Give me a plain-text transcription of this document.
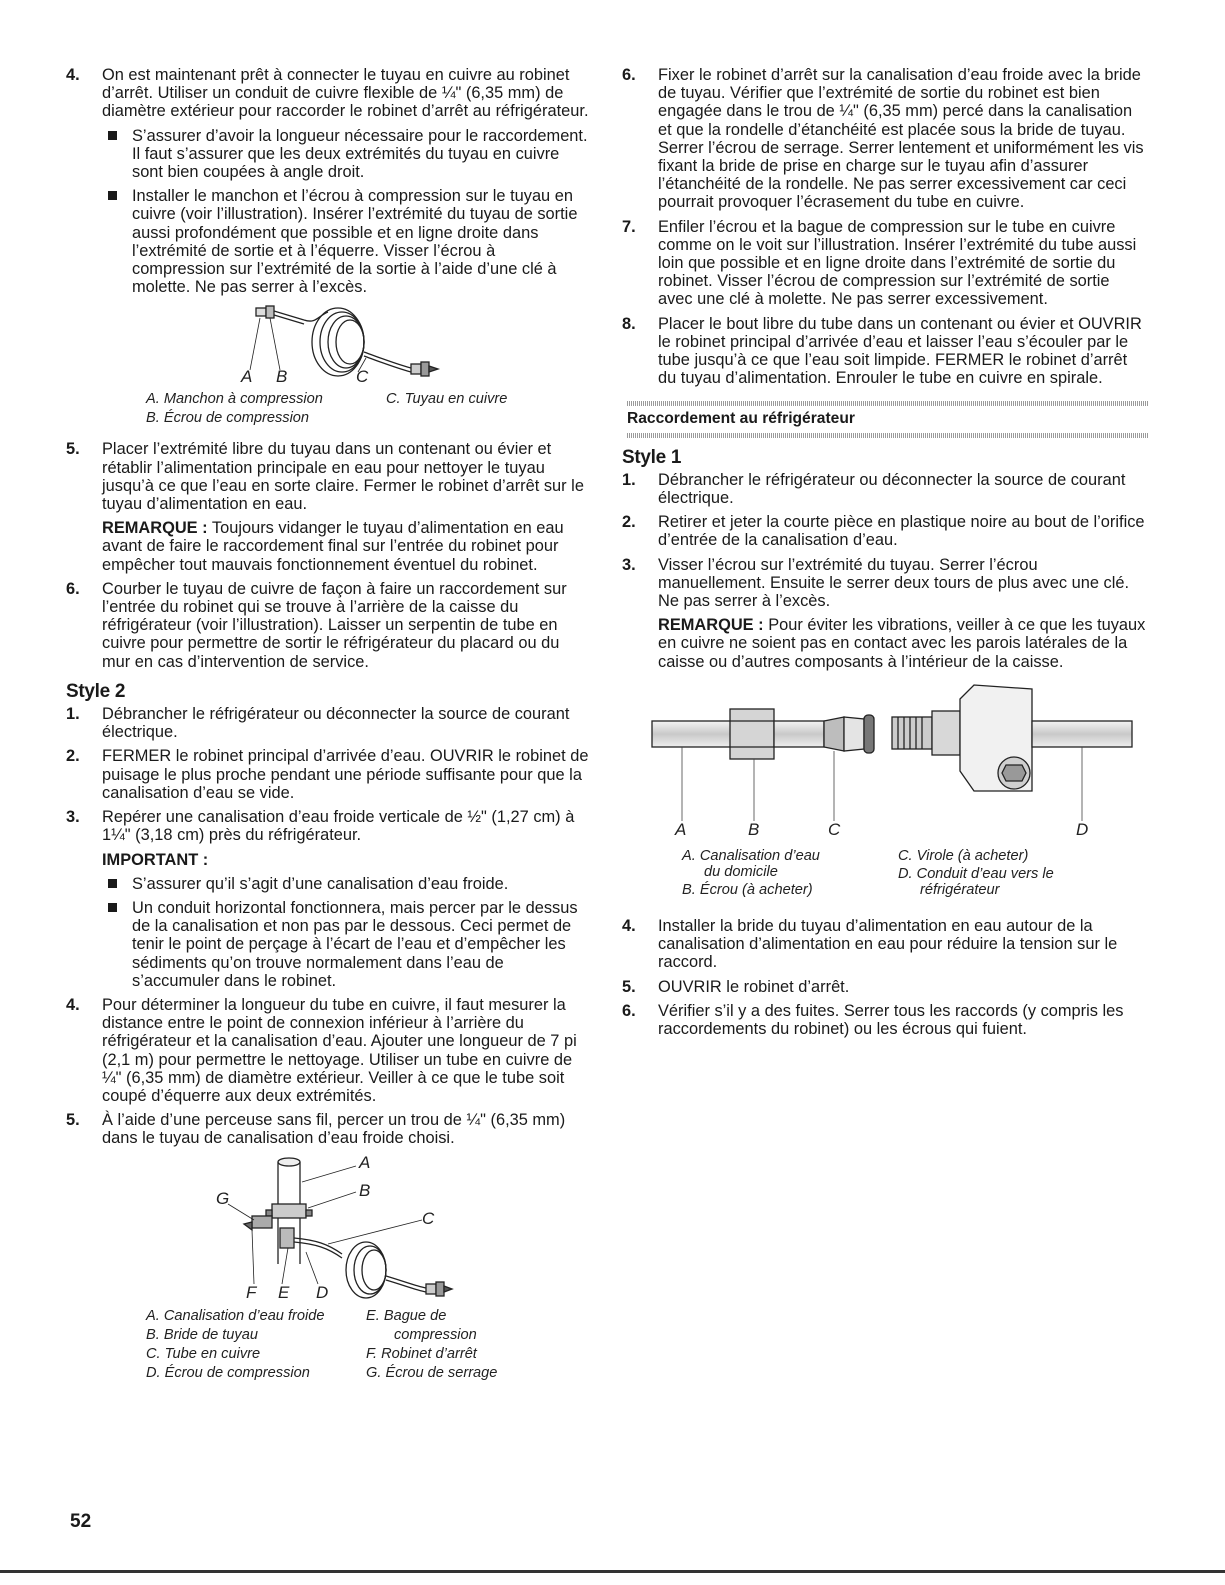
4. On est maintenant prêt à connecter le tuyau en cuivre au robinet d’arrêt. Utiliser un conduit de cuivre flexible de ¼" (6,35 mm) de diamètre extérieur pour raccorder le robinet d’arrêt au réfrigérateur.
S’assurer d’avoir la longueur nécessaire pour le raccordement. Il faut s’assurer que les deux extrémités du tuyau en cuivre sont bien coupées à angle droit.
Installer le manchon et l’écrou à compression sur le tuyau en cuivre (voir l’illustration). Insérer l’extrémité du tuyau de sortie aussi profondément que possible et en ligne droite dans l’extrémité de sortie et à l’équerre. Visser l’écrou à compression sur l’extrémité de la sortie à l’aide d’une clé à molette. Ne pas serrer à l’excès.
A B	C
A. Manchon à compression
B. Écrou de compression
C. Tuyau en cuivre
5. Placer l’extrémité libre du tuyau dans un contenant ou évier et rétablir l’alimentation principale en eau pour nettoyer le tuyau jusqu’à ce que l’eau en sorte claire. Fermer le robinet d’arrêt sur le tuyau d’alimentation en eau.
REMARQUE : Toujours vidanger le tuyau d’alimentation en eau avant de faire le raccordement final sur l’entrée du robinet pour empêcher tout mauvais fonctionnement éventuel du robinet.
6. Courber le tuyau de cuivre de façon à faire un raccordement sur l’entrée du robinet qui se trouve à l’arrière de la caisse du réfrigérateur (voir l’illustration). Laisser un serpentin de tube en cuivre pour permettre de sortir le réfrigérateur du placard ou du mur en cas d’intervention de service.
Style 2
1. Débrancher le réfrigérateur ou déconnecter la source de courant électrique.
2. FERMER le robinet principal d’arrivée d’eau. OUVRIR le robinet de puisage le plus proche pendant une période suffisante pour que la canalisation d’eau se vide.
3. Repérer une canalisation d’eau froide verticale de ½" (1,27 cm) à 1¼" (3,18 cm) près du réfrigérateur.
IMPORTANT :
S’assurer qu’il s’agit d’une canalisation d’eau froide.
Un conduit horizontal fonctionnera, mais percer par le dessus de la canalisation et non pas par le dessous. Ceci permet de tenir le point de perçage à l’écart de l’eau et d’empêcher les sédiments qu’on trouve normalement dans l’eau de s’accumuler dans le robinet.
4. Pour déterminer la longueur du tube en cuivre, il faut mesurer la distance entre le point de connexion inférieur à l’arrière du réfrigérateur et la canalisation d’eau. Ajouter une longueur de 7 pi (2,1 m) pour permettre le nettoyage. Utiliser un tube en cuivre de ¼" (6,35 mm) de diamètre extérieur. Veiller à ce que le tube soit coupé d’équerre aux deux extrémités.
5. À l’aide d’une perceuse sans fil, percer un trou de ¼" (6,35 mm) dans le tuyau de canalisation d’eau froide choisi.
A
B
C
D
E
F
G
A. Canalisation d’eau froide
B. Bride de tuyau
C. Tube en cuivre
D. Écrou de compression
E. Bague de
compression
F. Robinet d’arrêt
G. Écrou de serrage
6. Fixer le robinet d’arrêt sur la canalisation d’eau froide avec la bride de tuyau. Vérifier que l’extrémité de sortie du robinet est bien engagée dans le trou de ¼" (6,35 mm) percé dans la canalisation et que la rondelle d’étanchéité est placée sous la bride de tuyau. Serrer l’écrou de serrage. Serrer lentement et uniformément les vis fixant la bride de prise en charge sur le tuyau afin d’assurer l’étanchéité de la rondelle. Ne pas serrer excessivement car ceci pourrait provoquer l’écrasement du tube en cuivre.
7. Enfiler l’écrou et la bague de compression sur le tube en cuivre comme on le voit sur l’illustration. Insérer l’extrémité du tube aussi loin que possible et en ligne droite dans l’extrémité de sortie du robinet. Visser l’écrou de compression sur l’extrémité de sortie avec une clé à molette. Ne pas serrer excessivement.
8. Placer le bout libre du tube dans un contenant ou évier et OUVRIR le robinet principal d’arrivée d’eau et laisser l’eau s’écouler par le tube jusqu’à ce que l’eau soit limpide. FERMER le robinet d’arrêt du tuyau d’alimentation. Enrouler le tube en cuivre en spirale.
Raccordement au réfrigérateur
Style 1
1. Débrancher le réfrigérateur ou déconnecter la source de courant électrique.
2. Retirer et jeter la courte pièce en plastique noire au bout de l’orifice d’entrée de la canalisation d’eau.
3. Visser l’écrou sur l’extrémité du tuyau. Serrer l’écrou manuellement. Ensuite le serrer deux tours de plus avec une clé. Ne pas serrer à l’excès.
REMARQUE : Pour éviter les vibrations, veiller à ce que les tuyaux en cuivre ne soient pas en contact avec les parois latérales de la caisse ou d’autres composants à l’intérieur de la caisse.
A	B	C	D
A. Canalisation d’eau
du domicile
B. Écrou (à acheter)
C. Virole (à acheter)
D. Conduit d’eau vers le
réfrigérateur
4. Installer la bride du tuyau d’alimentation en eau autour de la canalisation d’alimentation en eau pour réduire la tension sur le raccord.
5. OUVRIR le robinet d’arrêt.
6. Vérifier s’il y a des fuites. Serrer tous les raccords (y compris les raccordements du robinet) ou les écrous qui fuient.
52
